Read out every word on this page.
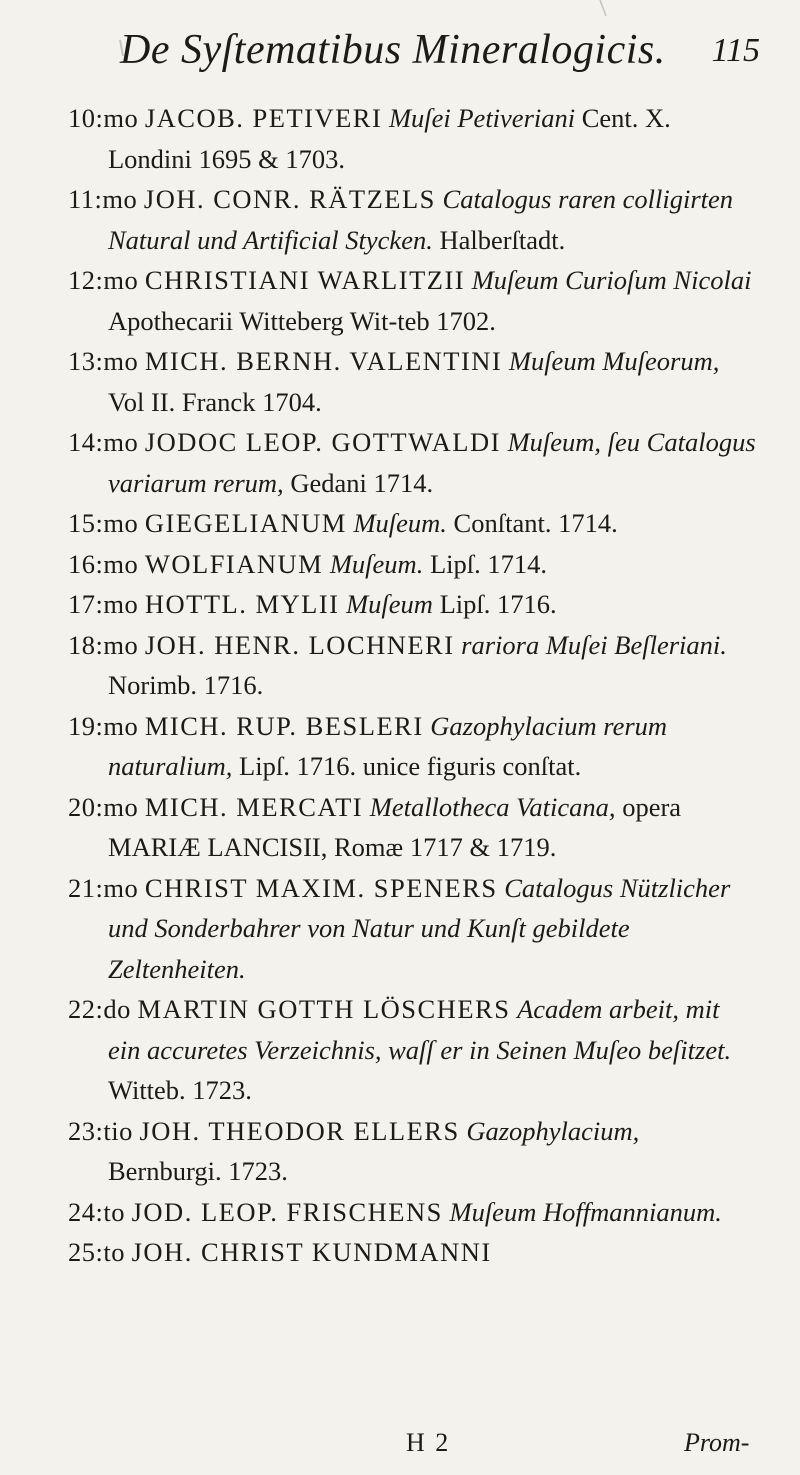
De Syſtematibus Mineralogicis. 115

10:mo JACOB. PETIVERI Muſei Petiveriani Cent. X. Londini 1695 & 1703.

11:mo JOH. CONR. RÄTZELS Catalogus raren colligirten Natural und Artificial Stycken. Halberſtadt.

12:mo CHRISTIANI WARLITZII Muſeum Curioſum Nicolai Apothecarii Witteberg Wit-teb 1702.

13:mo MICH. BERNH. VALENTINI Muſeum Muſeorum, Vol II. Franck 1704.

14:mo JODOC LEOP. GOTTWALDI Muſeum, ſeu Catalogus variarum rerum, Gedani 1714.

15:mo GIEGELIANUM Muſeum. Conſtant. 1714.

16:mo WOLFIANUM Muſeum. Lipſ. 1714.

17:mo HOTTL. MYLII Muſeum Lipſ. 1716.

18:mo JOH. HENR. LOCHNERI rariora Muſei Beſleriani. Norimb. 1716.

19:mo MICH. RUP. BESLERI Gazophylacium rerum naturalium, Lipſ. 1716. unice figuris conſtat.

20:mo MICH. MERCATI Metallotheca Vaticana, opera MARIÆ LANCISII, Romæ 1717 & 1719.

21:mo CHRIST MAXIM. SPENERS Catalogus Nützlicher und Sonderbahrer von Natur und Kunſt gebildete Zeltenheiten.

22:do MARTIN GOTTH LÖSCHERS Academ arbeit, mit ein accuretes Verzeichnis, waſſ er in Seinen Muſeo beſitzet. Witteb. 1723.

23:tio JOH. THEODOR ELLERS Gazophylacium, Bernburgi. 1723.

24:to JOD. LEOP. FRISCHENS Muſeum Hoffmannianum.

25:to JOH. CHRIST KUNDMANNI

H 2	Prom-
